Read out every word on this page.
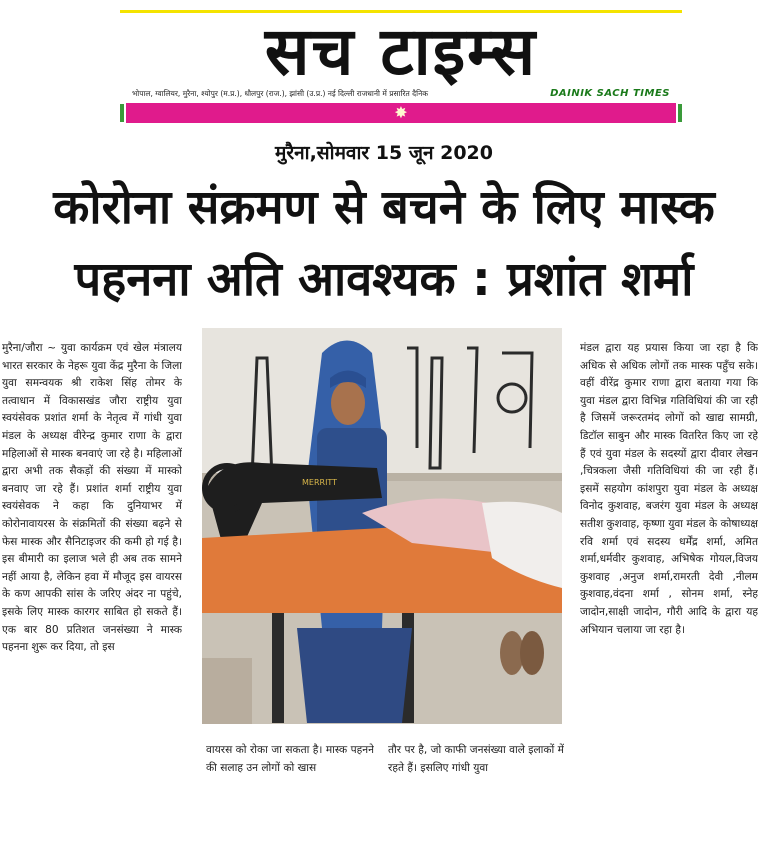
सच टाइम्स
भोपाल, ग्वालियर, मुरैना, श्योपुर (म.प्र.), धौलपुर (राज.), झांसी (उ.प्र.) नई दिल्ली राजधानी में प्रसारित दैनिक	DAINIK SACH TIMES
✸
मुरैना,सोमवार 15 जून 2020
कोरोना संक्रमण से बचने के लिए मास्क
पहनना अति आवश्यक : प्रशांत शर्मा
मुरैना/जौरा ~ युवा कार्यक्रम एवं खेल मंत्रालय भारत सरकार के नेहरू युवा केंद्र मुरैना के जिला युवा समन्वयक श्री राकेश सिंह तोमर के तत्वाधान में विकासखंड जौरा राष्ट्रीय युवा स्वयंसेवक प्रशांत शर्मा के नेतृत्व में गांधी युवा मंडल के अध्यक्ष वीरेन्द्र कुमार राणा के द्वारा महिलाओं से मास्क बनवाएं जा रहे है। महिलाओं द्वारा अभी तक सैकड़ों की संख्या में मास्को बनवाए जा रहे हैं। प्रशांत शर्मा राष्ट्रीय युवा स्वयंसेवक ने कहा कि दुनियाभर में कोरोनावायरस के संक्रमितों की संख्या बढ़ने से फेस मास्क और सैनिटाइजर की कमी हो गई है। इस बीमारी का इलाज भले ही अब तक सामने नहीं आया है, लेकिन हवा में मौजूद इस वायरस के कण आपकी सांस के जरिए अंदर ना पहुंचे, इसके लिए मास्क कारगर साबित हो सकते हैं। एक बार 80 प्रतिशत जनसंख्या ने मास्क पहनना शुरू कर दिया, तो इस
MERRITT
वायरस को रोका जा सकता है। मास्क पहनने की सलाह उन लोगों को खास
तौर पर है, जो काफी जनसंख्या वाले इलाकों में रहते हैं। इसलिए गांधी युवा
मंडल द्वारा यह प्रयास किया जा रहा है कि अधिक से अधिक लोगों तक मास्क पहुँच सके। वहीं वीरेंद्र कुमार राणा द्वारा बताया गया कि युवा मंडल द्वारा विभिन्न गतिविधियां की जा रही है जिसमें जरूरतमंद लोगों को खाद्य सामग्री, डिटॉल साबुन और मास्क वितरित किए जा रहे हैं एवं युवा मंडल के सदस्यों द्वारा दीवार लेखन ,चित्रकला जैसी गतिविधियां की जा रही हैं। इसमें सहयोग कांशपुरा युवा मंडल के अध्यक्ष विनोद कुशवाह, बजरंग युवा मंडल के अध्यक्ष सतीश कुशवाह, कृष्णा युवा मंडल के कोषाध्यक्ष रवि शर्मा एवं सदस्य धर्मेंद्र शर्मा, अमित शर्मा,धर्मवीर कुशवाह, अभिषेक गोयल,विजय कुशवाह ,अनुज शर्मा,रामरती देवी ,नीलम कुशवाह,वंदना शर्मा , सोनम शर्मा, स्नेह जादोन,साक्षी जादोन, गौरी आदि के द्वारा यह अभियान चलाया जा रहा है।
